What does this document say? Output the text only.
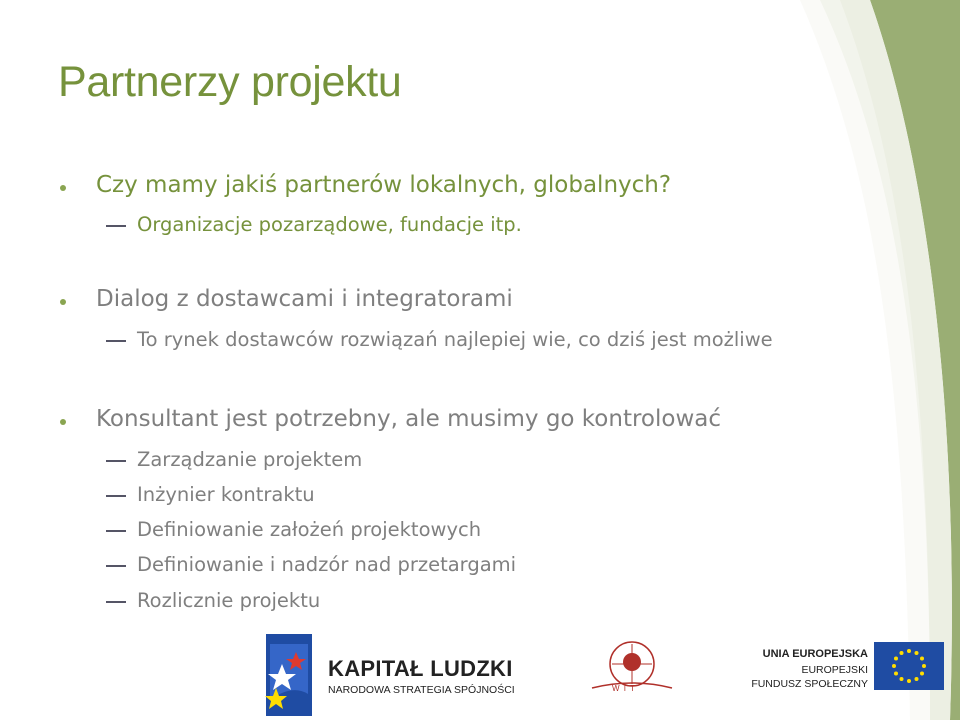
Partnerzy projektu
Czy mamy jakiś partnerów lokalnych, globalnych?
Organizacje pozarządowe, fundacje itp.
Dialog z dostawcami i integratorami
To rynek dostawców rozwiązań najlepiej wie, co dziś jest możliwe
Konsultant jest potrzebny, ale musimy go kontrolować
Zarządzanie projektem
Inżynier kontraktu
Definiowanie założeń projektowych
Definiowanie i nadzór nad przetargami
Rozlicznie projektu
KAPITAŁ LUDZKI
NARODOWA STRATEGIA SPÓJNOŚCI	W I T
UNIA EUROPEJSKA
EUROPEJSKI
FUNDUSZ SPOŁECZNY
